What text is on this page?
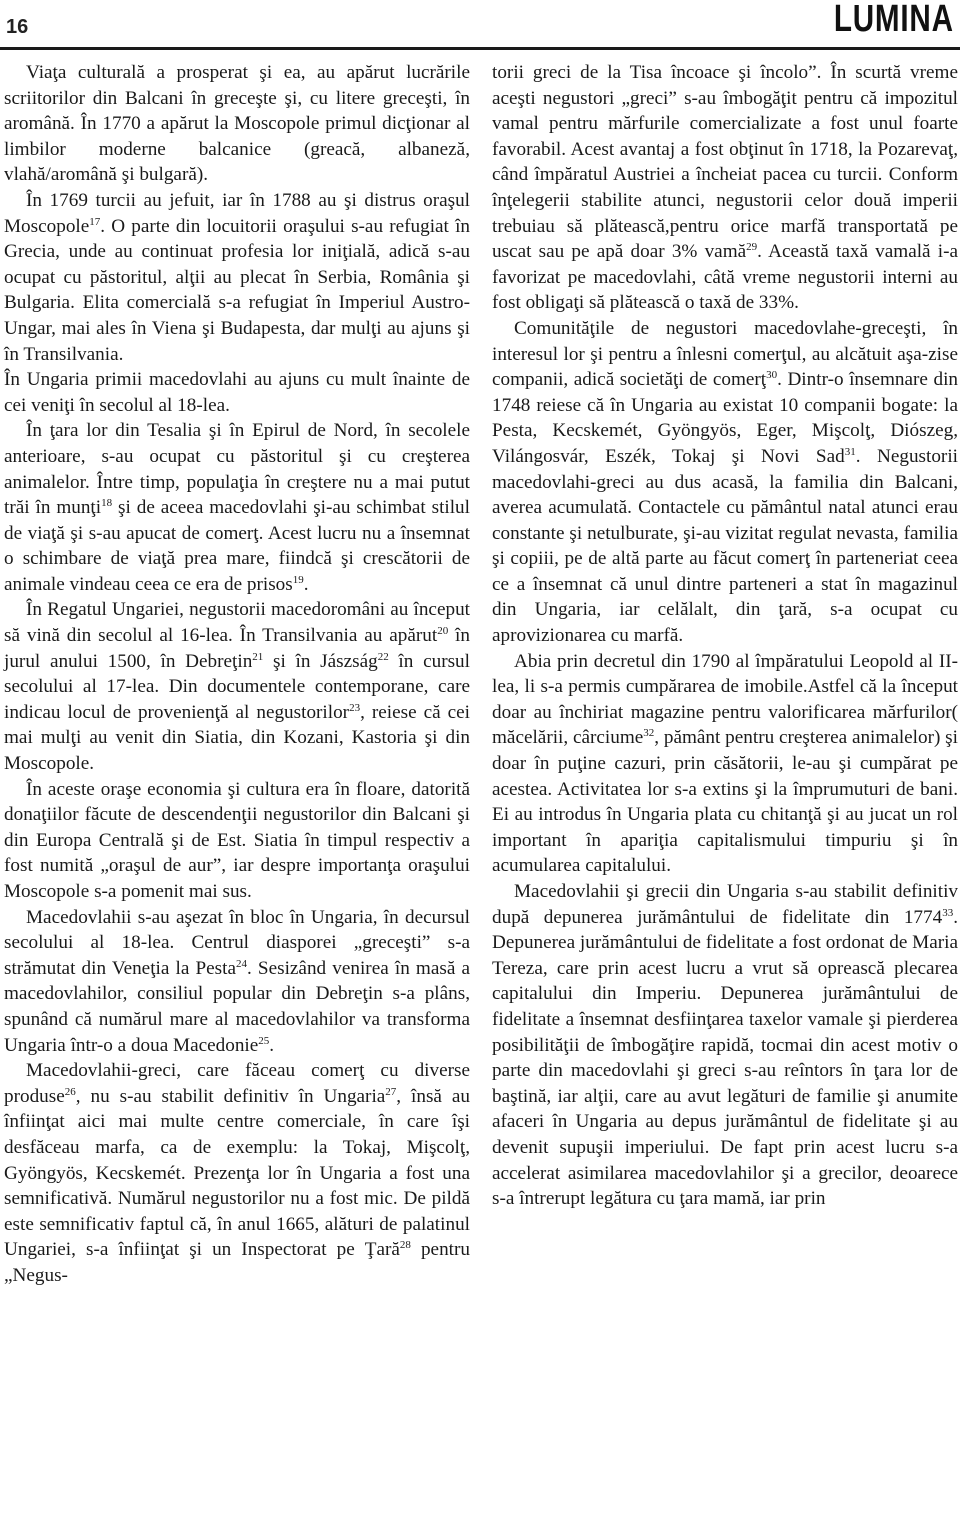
16	LUMINA

Viaţa culturală a prosperat şi ea, au apărut lucrările scriitorilor din Balcani în greceşte şi, cu litere greceşti, în aromână. În 1770 a apărut la Moscopole primul dicţionar al limbilor moderne balcanice (greacă, albaneză, vlahă/aromână şi bulgară).

În 1769 turcii au jefuit, iar în 1788 au şi distrus oraşul Moscopole$^{17}$. O parte din locuitorii oraşului s-au refugiat în Grecia, unde au continuat profesia lor iniţială, adică s-au ocupat cu păstoritul, alţii au plecat în Serbia, România şi Bulgaria. Elita comercială s-a refugiat în Imperiul Austro-Ungar, mai ales în Viena şi Budapesta, dar mulţi au ajuns şi în Transilvania.

În Ungaria primii macedovlahi au ajuns cu mult înainte de cei veniţi în secolul al 18-lea.

În ţara lor din Tesalia şi în Epirul de Nord, în secolele anterioare, s-au ocupat cu păstoritul şi cu creşterea animalelor. Între timp, populaţia în creştere nu a mai putut trăi în munţi$^{18}$ şi de aceea macedovlahi şi-au schimbat stilul de viaţă şi s-au apucat de comerţ. Acest lucru nu a însemnat o schimbare de viaţă prea mare, fiindcă şi crescătorii de animale vindeau ceea ce era de prisos$^{19}$.

În Regatul Ungariei, negustorii macedoromâni au început să vină din secolul al 16-lea. În Transilvania au apărut$^{20}$ în jurul anului 1500, în Debreţin$^{21}$ şi în Jászság$^{22}$ în cursul secolului al 17-lea. Din documentele contemporane, care indicau locul de provenienţă al negustorilor$^{23}$, reiese că cei mai mulţi au venit din Siatia, din Kozani, Kastoria şi din Moscopole.

În aceste oraşe economia şi cultura era în floare, datorită donaţiilor făcute de descendenţii negustorilor din Balcani şi din Europa Centrală şi de Est. Siatia în timpul respectiv a fost numită „oraşul de aur”, iar despre importanţa oraşului Moscopole s-a pomenit mai sus.

Macedovlahii s-au aşezat în bloc în Ungaria, în decursul secolului al 18-lea. Centrul diasporei „greceşti” s-a strămutat din Veneţia la Pesta$^{24}$. Sesizând venirea în masă a macedovlahilor, consiliul popular din Debreţin s-a plâns, spunând că numărul mare al macedovlahilor va transforma Ungaria într-o a doua Macedonie$^{25}$.

Macedovlahii-greci, care făceau comerţ cu diverse produse$^{26}$, nu s-au stabilit definitiv în Ungaria$^{27}$, însă au înfiinţat aici mai multe centre comerciale, în care îşi desfăceau marfa, ca de exemplu: la Tokaj, Mişcolţ, Gyöngyös, Kecskemét. Prezenţa lor în Ungaria a fost una semnificativă. Numărul negustorilor nu a fost mic. De pildă este semnificativ faptul că, în anul 1665, alături de palatinul Ungariei, s-a înfiinţat şi un Inspectorat pe Ţară$^{28}$ pentru „Negus-

torii greci de la Tisa încoace şi încolo”. În scurtă vreme aceşti negustori „greci” s-au îmbogăţit pentru că impozitul vamal pentru mărfurile comercializate a fost unul foarte favorabil. Acest avantaj a fost obţinut în 1718, la Pozarevaţ, când împăratul Austriei a încheiat pacea cu turcii. Conform înţelegerii stabilite atunci, negustorii celor două imperii trebuiau să plătească,pentru orice marfă transportată pe uscat sau pe apă doar 3% vamă$^{29}$. Această taxă vamală i-a favorizat pe macedovlahi, câtă vreme negustorii interni au fost obligaţi să plătească o taxă de 33%.

Comunităţile de negustori macedovlahe-greceşti, în interesul lor şi pentru a înlesni comerţul, au alcătuit aşa-zise companii, adică societăţi de comerţ$^{30}$. Dintr-o însemnare din 1748 reiese că în Ungaria au existat 10 companii bogate: la Pesta, Kecskemét, Gyöngyös, Eger, Mişcolţ, Diószeg, Vilángosvár, Eszék, Tokaj şi Novi Sad$^{31}$. Negustorii macedovlahi-greci au dus acasă, la familia din Balcani, averea acumulată. Contactele cu pământul natal atunci erau constante şi netulburate, şi-au vizitat regulat nevasta, familia şi copiii, pe de altă parte au făcut comerţ în parteneriat ceea ce a însemnat că unul dintre parteneri a stat în magazinul din Ungaria, iar celălalt, din ţară, s-a ocupat cu aprovizionarea cu marfă.

Abia prin decretul din 1790 al împăratului Leopold al II-lea, li s-a permis cumpărarea de imobile.Astfel că la început doar au închiriat magazine pentru valorificarea mărfurilor( măcelării, cârciume$^{32}$, pământ pentru creşterea animalelor) şi doar în puţine cazuri, prin căsătorii, le-au şi cumpărat pe acestea. Activitatea lor s-a extins şi la împrumuturi de bani. Ei au introdus în Ungaria plata cu chitanţă şi au jucat un rol important în apariţia capitalismului timpuriu şi în acumularea capitalului.

Macedovlahii şi grecii din Ungaria s-au stabilit definitiv după depunerea jurământului de fidelitate din 1774$^{33}$. Depunerea jurământului de fidelitate a fost ordonat de Maria Tereza, care prin acest lucru a vrut să oprească plecarea capitalului din Imperiu. Depunerea jurământului de fidelitate a însemnat desfiinţarea taxelor vamale şi pierderea posibilităţii de îmbogăţire rapidă, tocmai din acest motiv o parte din macedovlahi şi greci s-au reîntors în ţara lor de baştină, iar alţii, care au avut legături de familie şi anumite afaceri în Ungaria au depus jurământul de fidelitate şi au devenit supuşii imperiului. De fapt prin acest lucru s-a accelerat asimilarea macedovlahilor şi a grecilor, deoarece s-a întrerupt legătura cu ţara mamă, iar prin
